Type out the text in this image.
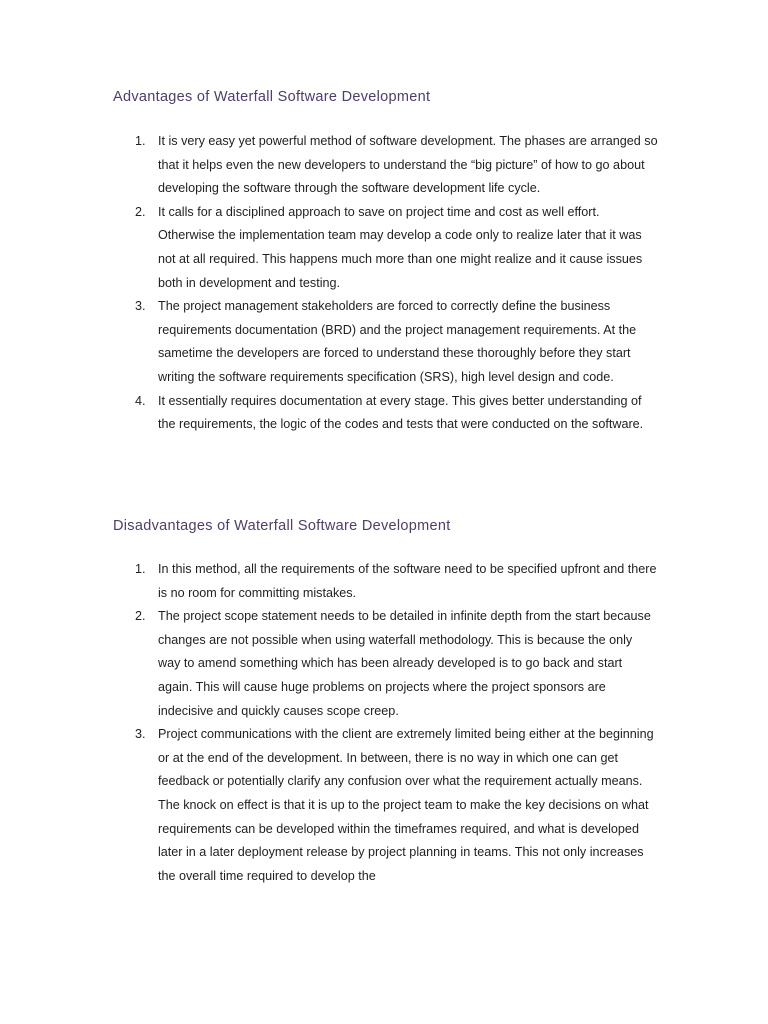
Advantages of Waterfall Software Development
1. It is very easy yet powerful method of software development. The phases are arranged so that it helps even the new developers to understand the “big picture” of how to go about developing the software through the software development life cycle.
2. It calls for a disciplined approach to save on project time and cost as well effort. Otherwise the implementation team may develop a code only to realize later that it was not at all required. This happens much more than one might realize and it cause issues both in development and testing.
3. The project management stakeholders are forced to correctly define the business requirements documentation (BRD) and the project management requirements. At the sametime the developers are forced to understand these thoroughly before they start writing the software requirements specification (SRS), high level design and code.
4. It essentially requires documentation at every stage. This gives better understanding of the requirements, the logic of the codes and tests that were conducted on the software.
Disadvantages of Waterfall Software Development
1. In this method, all the requirements of the software need to be specified upfront and there is no room for committing mistakes.
2. The project scope statement needs to be detailed in infinite depth from the start because changes are not possible when using waterfall methodology. This is because the only way to amend something which has been already developed is to go back and start again. This will cause huge problems on projects where the project sponsors are indecisive and quickly causes scope creep.
3. Project communications with the client are extremely limited being either at the beginning or at the end of the development. In between, there is no way in which one can get feedback or potentially clarify any confusion over what the requirement actually means. The knock on effect is that it is up to the project team to make the key decisions on what requirements can be developed within the timeframes required, and what is developed later in a later deployment release by project planning in teams. This not only increases the overall time required to develop the
